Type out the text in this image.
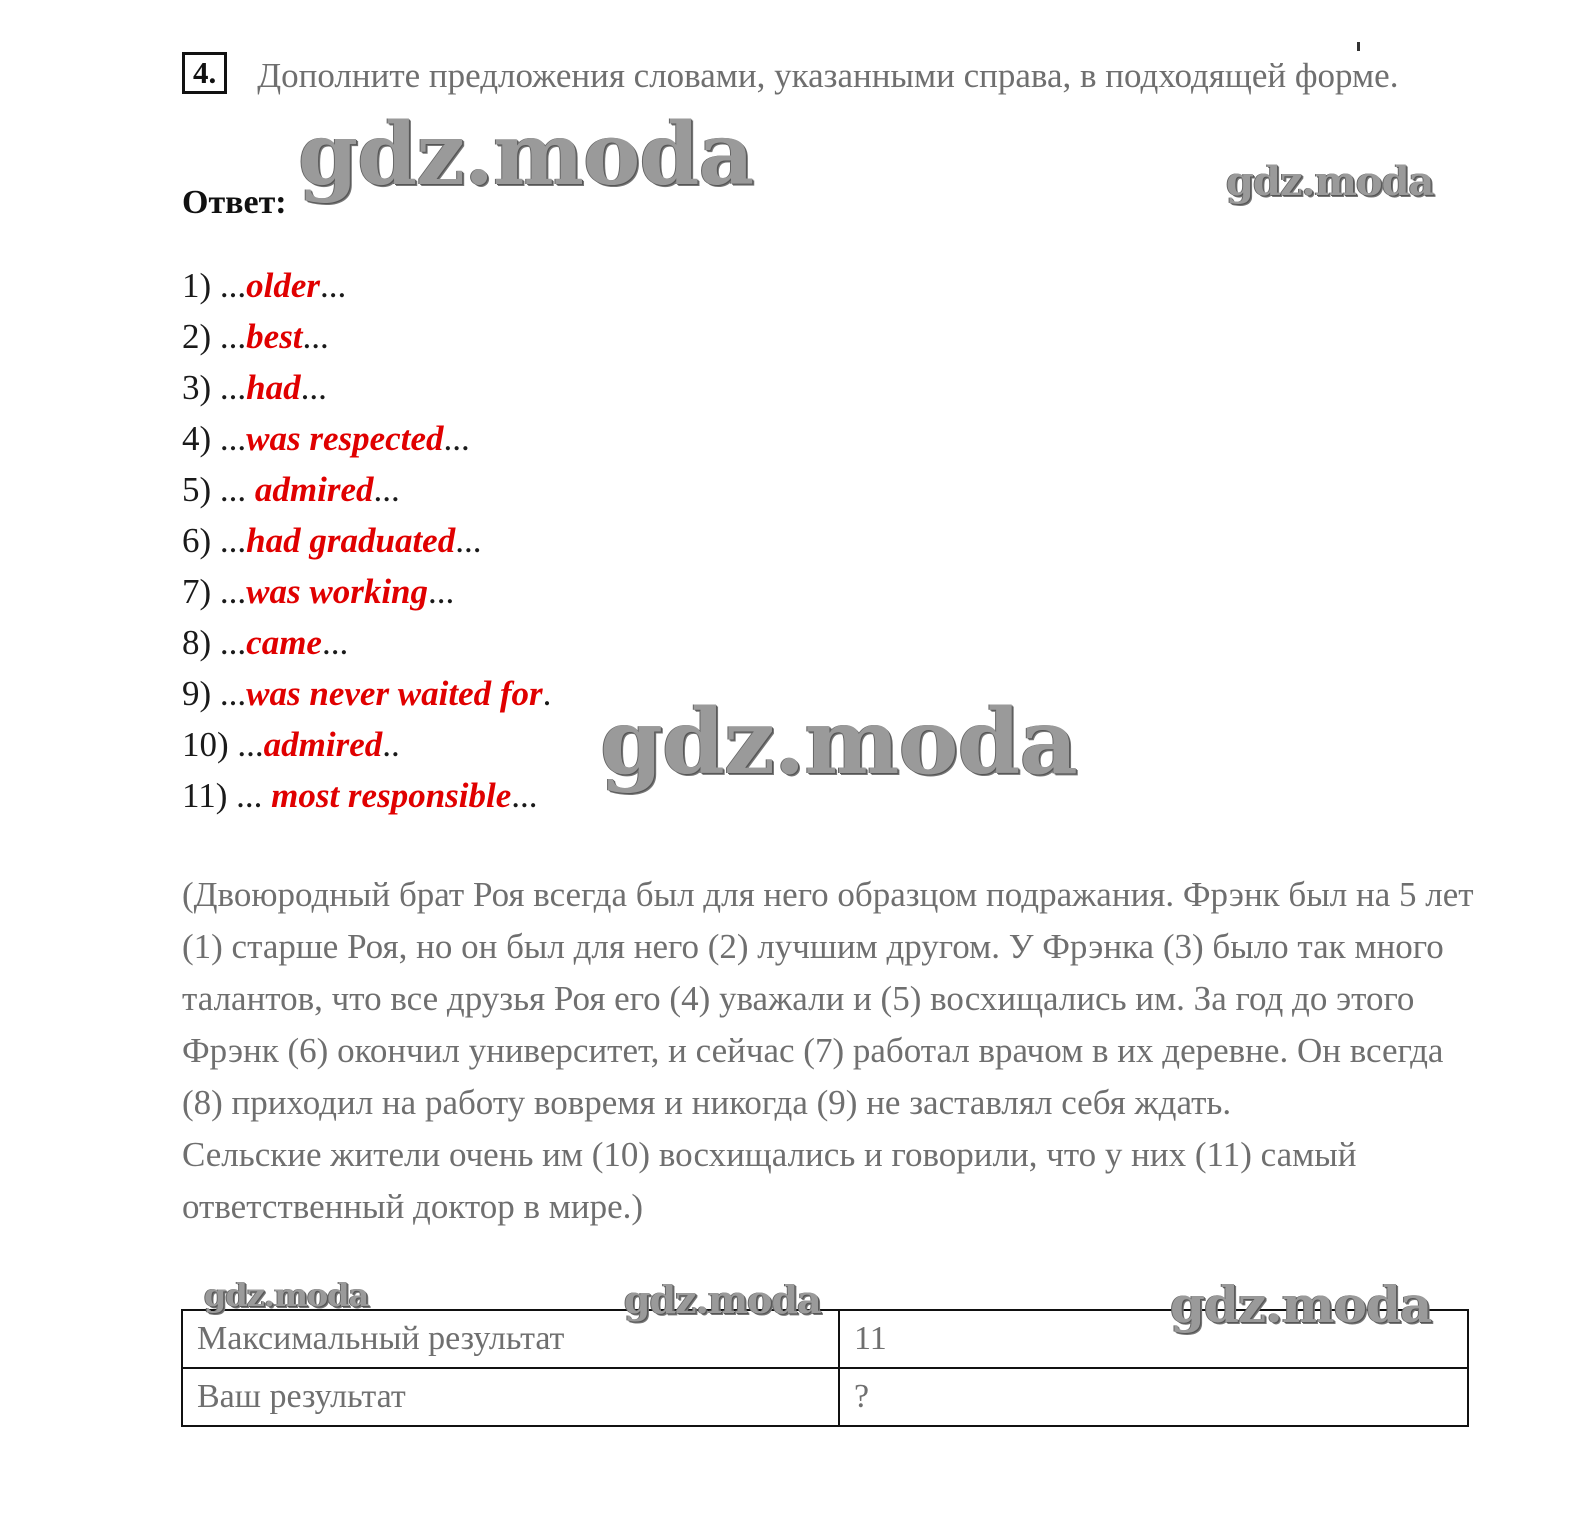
4. Дополните предложения словами, указанными справа, в подходящей форме.
Ответ:
1) ...older...
2) ...best...
3) ...had...
4) ...was respected...
5) ... admired...
6) ...had graduated...
7) ...was working...
8) ...came...
9) ...was never waited for.
10) ...admired..
11) ... most responsible...

(Двоюродный брат Роя всегда был для него образцом подражания. Фрэнк был на 5 лет (1) старше Роя, но он был для него (2) лучшим другом. У Фрэнка (3) было так много талантов, что все друзья Роя его (4) уважали и (5) восхищались им. За год до этого Фрэнк (6) окончил университет, и сейчас (7) работал врачом в их деревне. Он всегда (8) приходил на работу вовремя и никогда (9) не заставлял себя ждать.

Сельские жители очень им (10) восхищались и говорили, что у них (11) самый ответственный доктор в мире.)

Максимальный результат	11
Ваш результат	?
gdz.moda	gdz.moda
gdz.moda
gdz.moda	gdz.moda	gdz.moda
